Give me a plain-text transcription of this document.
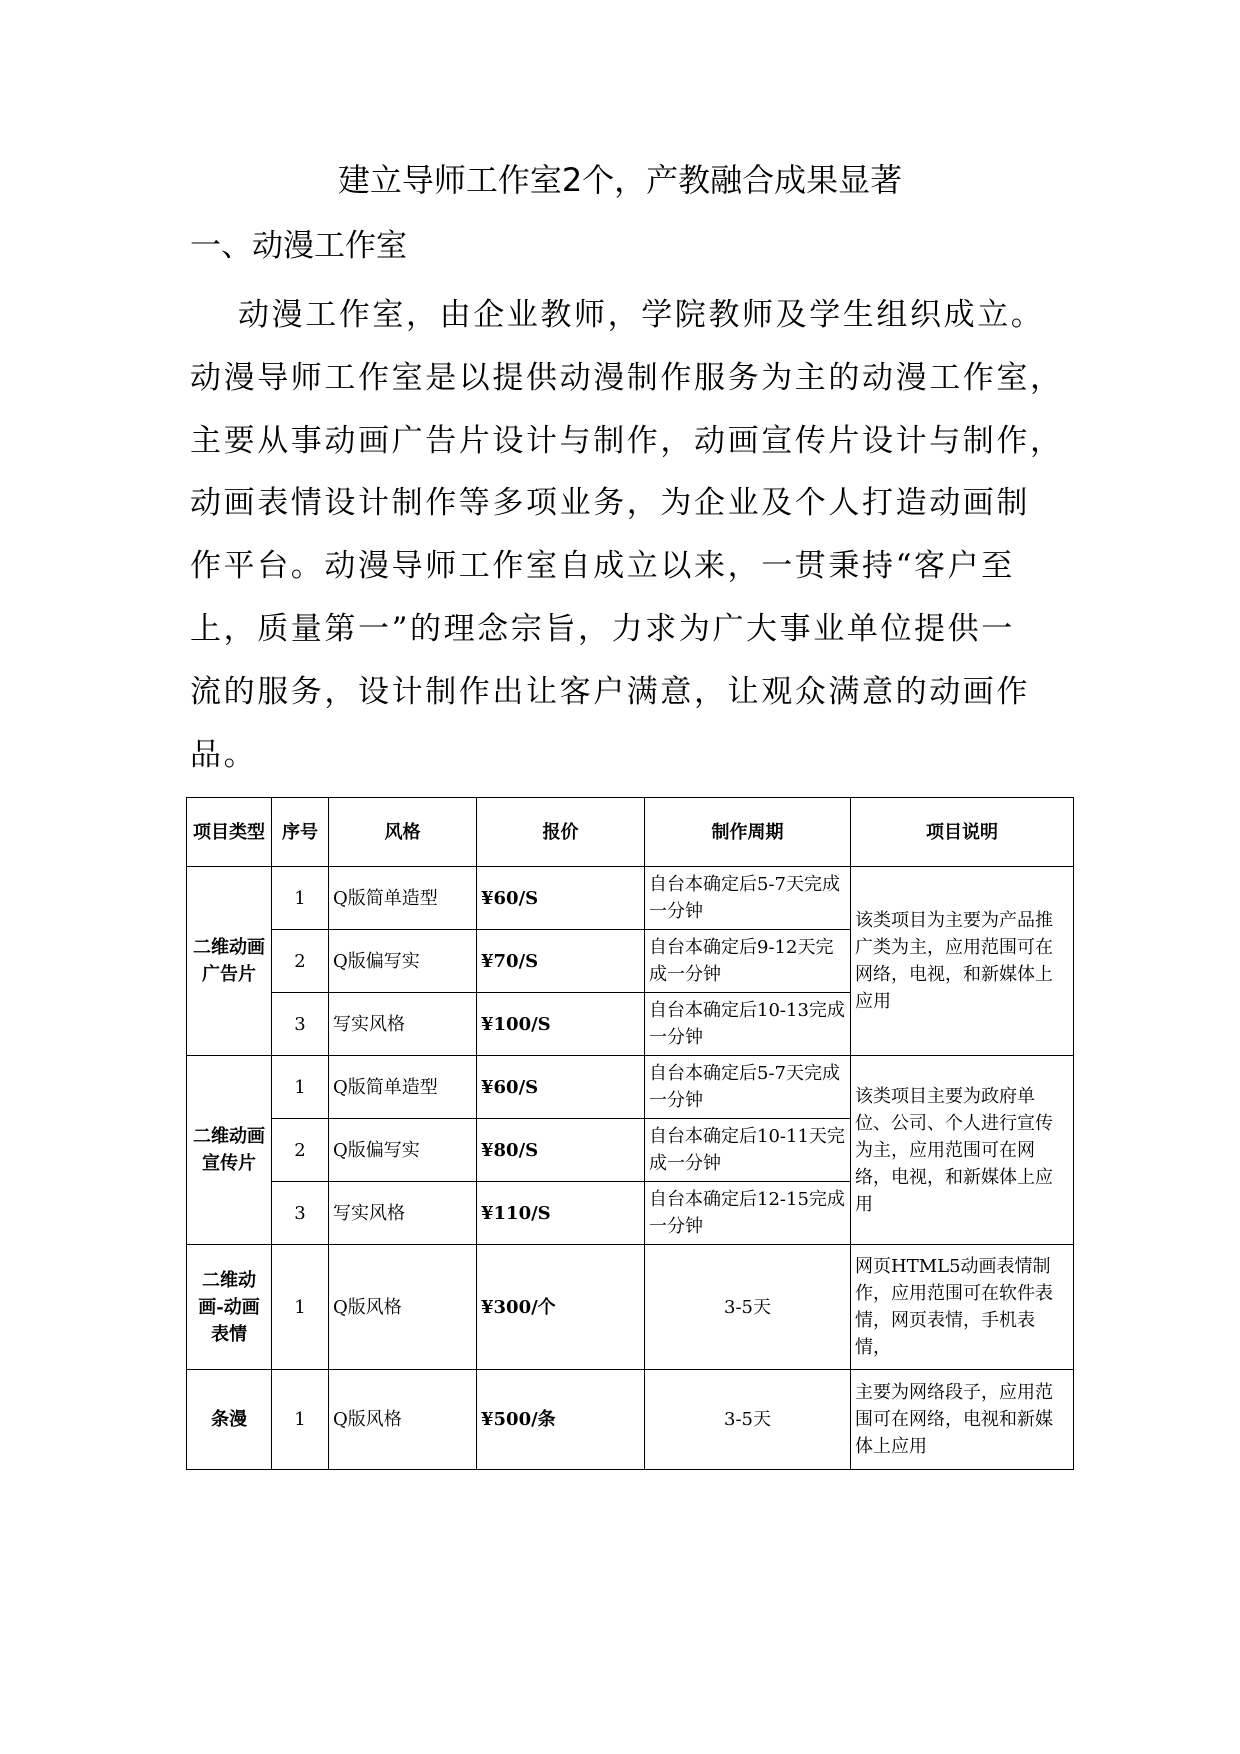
建立导师工作室2个，产教融合成果显著
一、动漫工作室
动漫工作室，由企业教师，学院教师及学生组织成立。
动漫导师工作室是以提供动漫制作服务为主的动漫工作室，
主要从事动画广告片设计与制作，动画宣传片设计与制作，
动画表情设计制作等多项业务，为企业及个人打造动画制
作平台。动漫导师工作室自成立以来，一贯秉持“客户至
上，质量第一”的理念宗旨，力求为广大事业单位提供一
流的服务，设计制作出让客户满意，让观众满意的动画作
品。
项目类型	序号	风格	报价	制作周期	项目说明
二维动画广告片	1	Q版简单造型	¥60/S	自台本确定后5-7天完成一分钟	该类项目为主要为产品推广类为主，应用范围可在网络，电视，和新媒体上应用
	2	Q版偏写实	¥70/S	自台本确定后9-12天完成一分钟	
	3	写实风格	¥100/S	自台本确定后10-13完成一分钟	
二维动画宣传片	1	Q版简单造型	¥60/S	自台本确定后5-7天完成一分钟	该类项目主要为政府单位、公司、个人进行宣传为主，应用范围可在网络，电视，和新媒体上应用
	2	Q版偏写实	¥80/S	自台本确定后10-11天完成一分钟	
	3	写实风格	¥110/S	自台本确定后12-15完成一分钟	
二维动画-动画表情	1	Q版风格	¥300/个	3-5天	网页HTML5动画表情制作，应用范围可在软件表情，网页表情，手机表情，
条漫	1	Q版风格	¥500/条	3-5天	主要为网络段子，应用范围可在网络，电视和新媒体上应用
